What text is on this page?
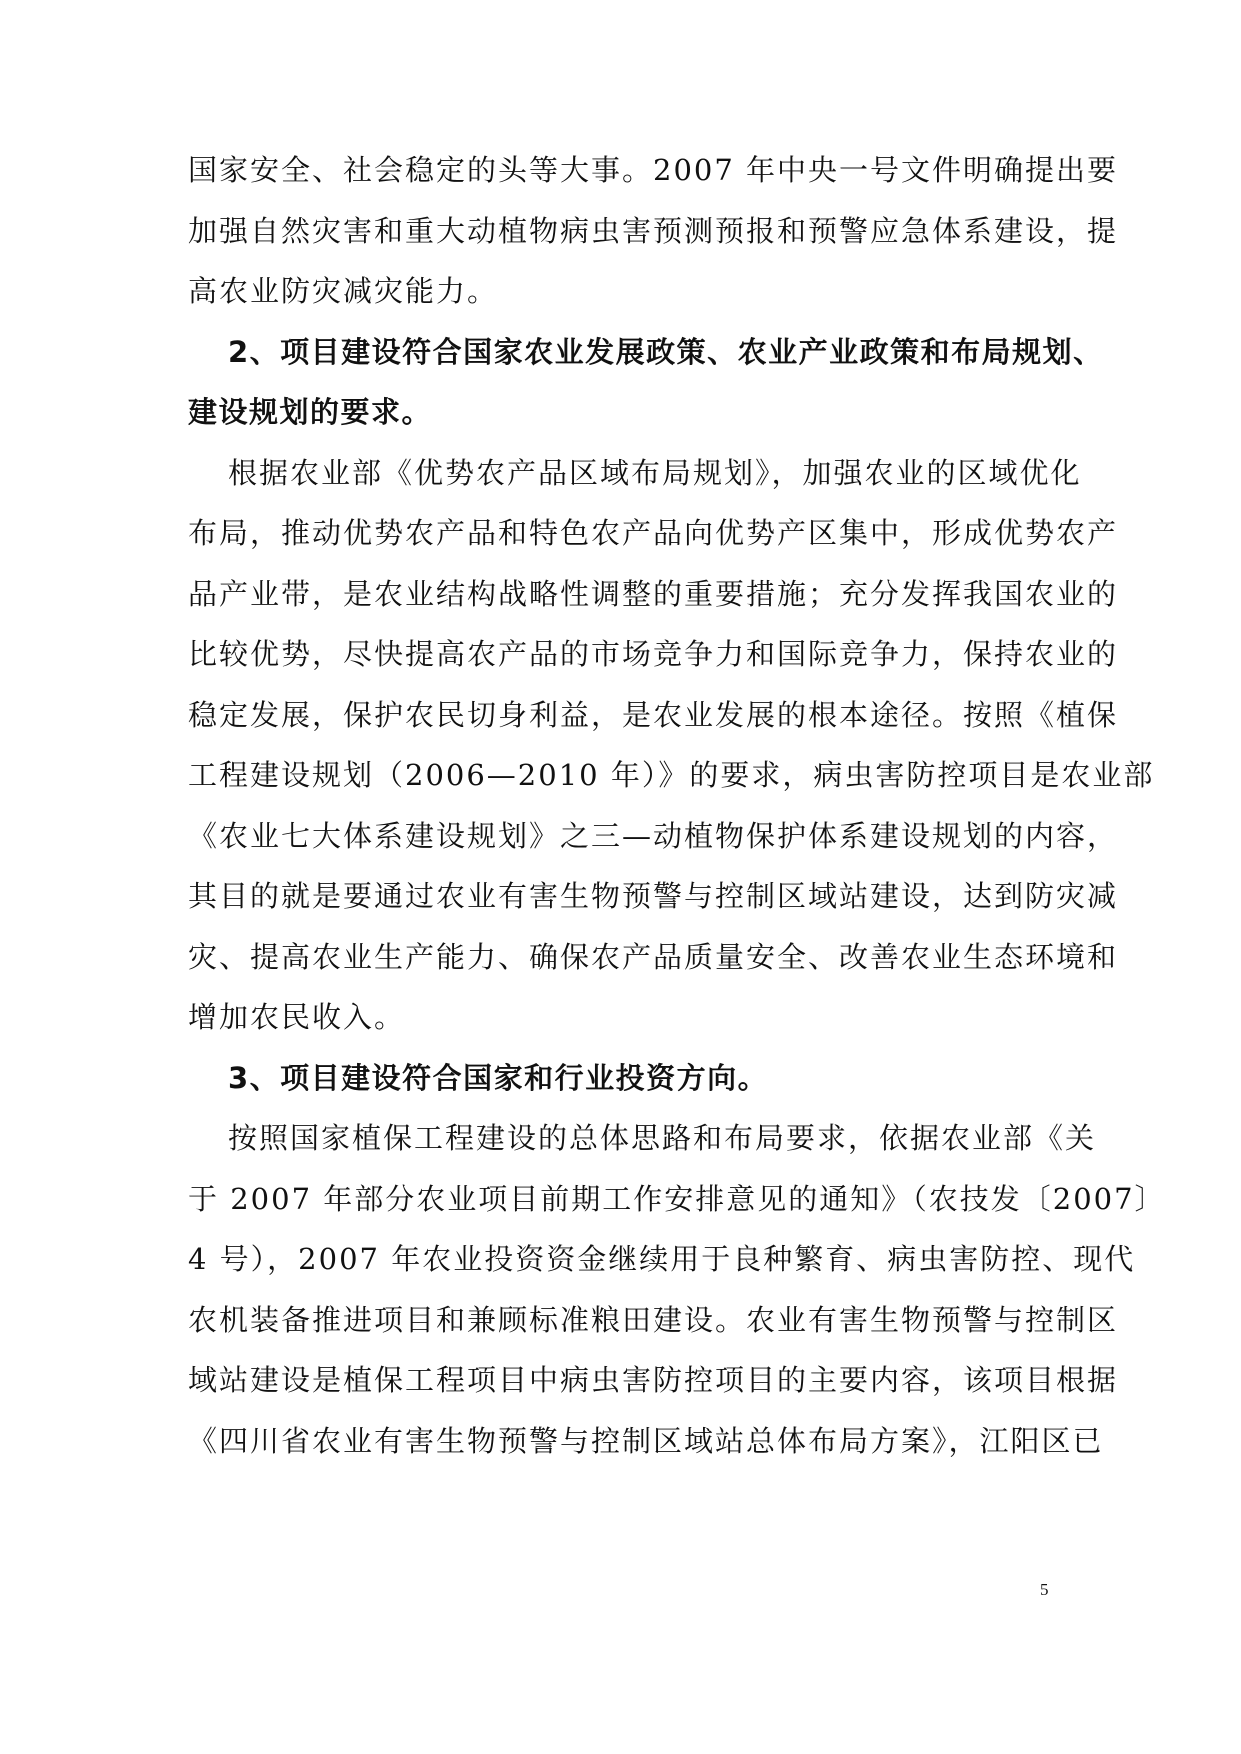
国家安全、社会稳定的头等大事。2007 年中央一号文件明确提出要
加强自然灾害和重大动植物病虫害预测预报和预警应急体系建设，提
高农业防灾减灾能力。
2、项目建设符合国家农业发展政策、农业产业政策和布局规划、
建设规划的要求。
根据农业部《优势农产品区域布局规划》，加强农业的区域优化
布局，推动优势农产品和特色农产品向优势产区集中，形成优势农产
品产业带，是农业结构战略性调整的重要措施；充分发挥我国农业的
比较优势，尽快提高农产品的市场竞争力和国际竞争力，保持农业的
稳定发展，保护农民切身利益，是农业发展的根本途径。按照《植保
工程建设规划（2006—2010 年）》的要求，病虫害防控项目是农业部
《农业七大体系建设规划》之三—动植物保护体系建设规划的内容，
其目的就是要通过农业有害生物预警与控制区域站建设，达到防灾减
灾、提高农业生产能力、确保农产品质量安全、改善农业生态环境和
增加农民收入。
3、项目建设符合国家和行业投资方向。
按照国家植保工程建设的总体思路和布局要求，依据农业部《关
于 2007 年部分农业项目前期工作安排意见的通知》（农技发〔2007〕
4 号），2007 年农业投资资金继续用于良种繁育、病虫害防控、现代
农机装备推进项目和兼顾标准粮田建设。农业有害生物预警与控制区
域站建设是植保工程项目中病虫害防控项目的主要内容，该项目根据
《四川省农业有害生物预警与控制区域站总体布局方案》，江阳区已
5
